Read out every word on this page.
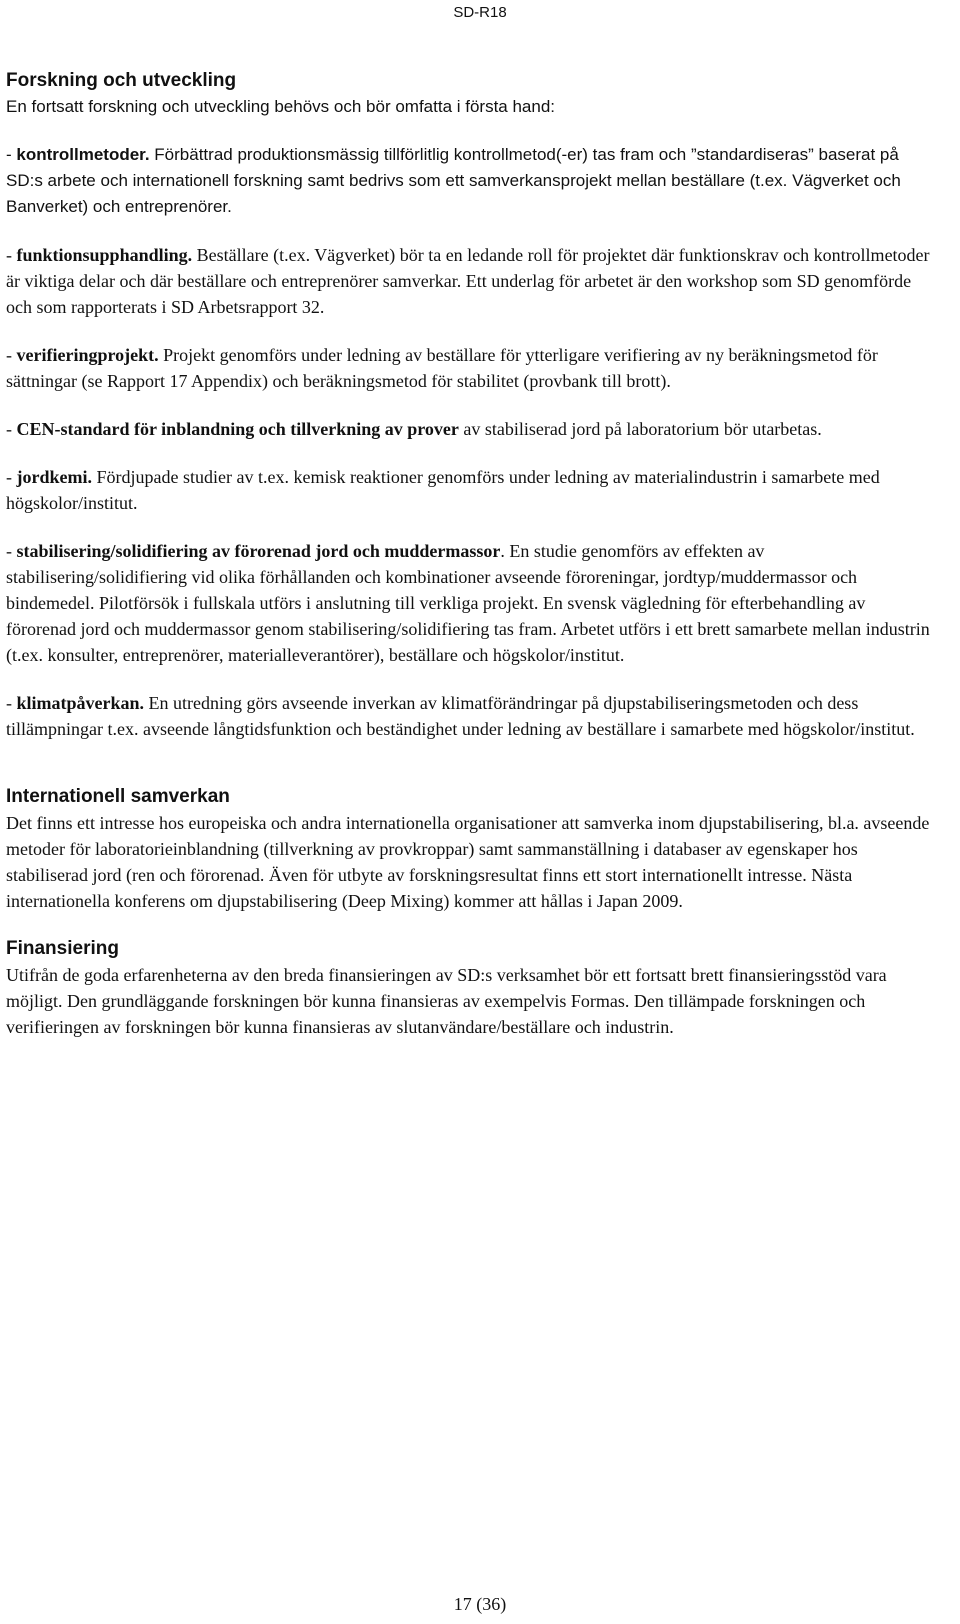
SD-R18
Forskning och utveckling

En fortsatt forskning och utveckling behövs och bör omfatta i första hand:

- kontrollmetoder. Förbättrad produktionsmässig tillförlitlig kontrollmetod(-er) tas fram och ”standardiseras” baserat på SD:s arbete och internationell forskning samt bedrivs som ett samverkansprojekt mellan beställare (t.ex. Vägverket och Banverket) och entreprenörer.

- funktionsupphandling. Beställare (t.ex. Vägverket) bör ta en ledande roll för projektet där funktionskrav och kontrollmetoder är viktiga delar och där beställare och entreprenörer samverkar. Ett underlag för arbetet är den workshop som SD genomförde och som rapporterats i SD Arbetsrapport 32.

- verifieringprojekt. Projekt genomförs under ledning av beställare för ytterligare verifiering av ny beräkningsmetod för sättningar (se Rapport 17 Appendix) och beräkningsmetod för stabilitet (provbank till brott).

- CEN-standard för inblandning och tillverkning av prover av stabiliserad jord på laboratorium bör utarbetas.

- jordkemi. Fördjupade studier av t.ex. kemisk reaktioner genomförs under ledning av materialindustrin i samarbete med högskolor/institut.

- stabilisering/solidifiering av förorenad jord och muddermassor. En studie genomförs av effekten av stabilisering/solidifiering vid olika förhållanden och kombinationer avseende föroreningar, jordtyp/muddermassor och bindemedel. Pilotförsök i fullskala utförs i anslutning till verkliga projekt. En svensk vägledning för efterbehandling av förorenad jord och muddermassor genom stabilisering/solidifiering tas fram. Arbetet utförs i ett brett samarbete mellan industrin (t.ex. konsulter, entreprenörer, materialleverantörer), beställare och högskolor/institut.

- klimatpåverkan. En utredning görs avseende inverkan av klimatförändringar på djupstabiliseringsmetoden och dess tillämpningar t.ex. avseende långtidsfunktion och beständighet under ledning av beställare i samarbete med högskolor/institut.

Internationell samverkan

Det finns ett intresse hos europeiska och andra internationella organisationer att samverka inom djupstabilisering, bl.a. avseende metoder för laboratorieinblandning (tillverkning av provkroppar) samt sammanställning i databaser av egenskaper hos stabiliserad jord (ren och förorenad. Även för utbyte av forskningsresultat finns ett stort internationellt intresse. Nästa internationella konferens om djupstabilisering (Deep Mixing) kommer att hållas i Japan 2009.

Finansiering

Utifrån de goda erfarenheterna av den breda finansieringen av SD:s verksamhet bör ett fortsatt brett finansieringsstöd vara möjligt. Den grundläggande forskningen bör kunna finansieras av exempelvis Formas. Den tillämpade forskningen och verifieringen av forskningen bör kunna finansieras av slutanvändare/beställare och industrin.

17 (36)
